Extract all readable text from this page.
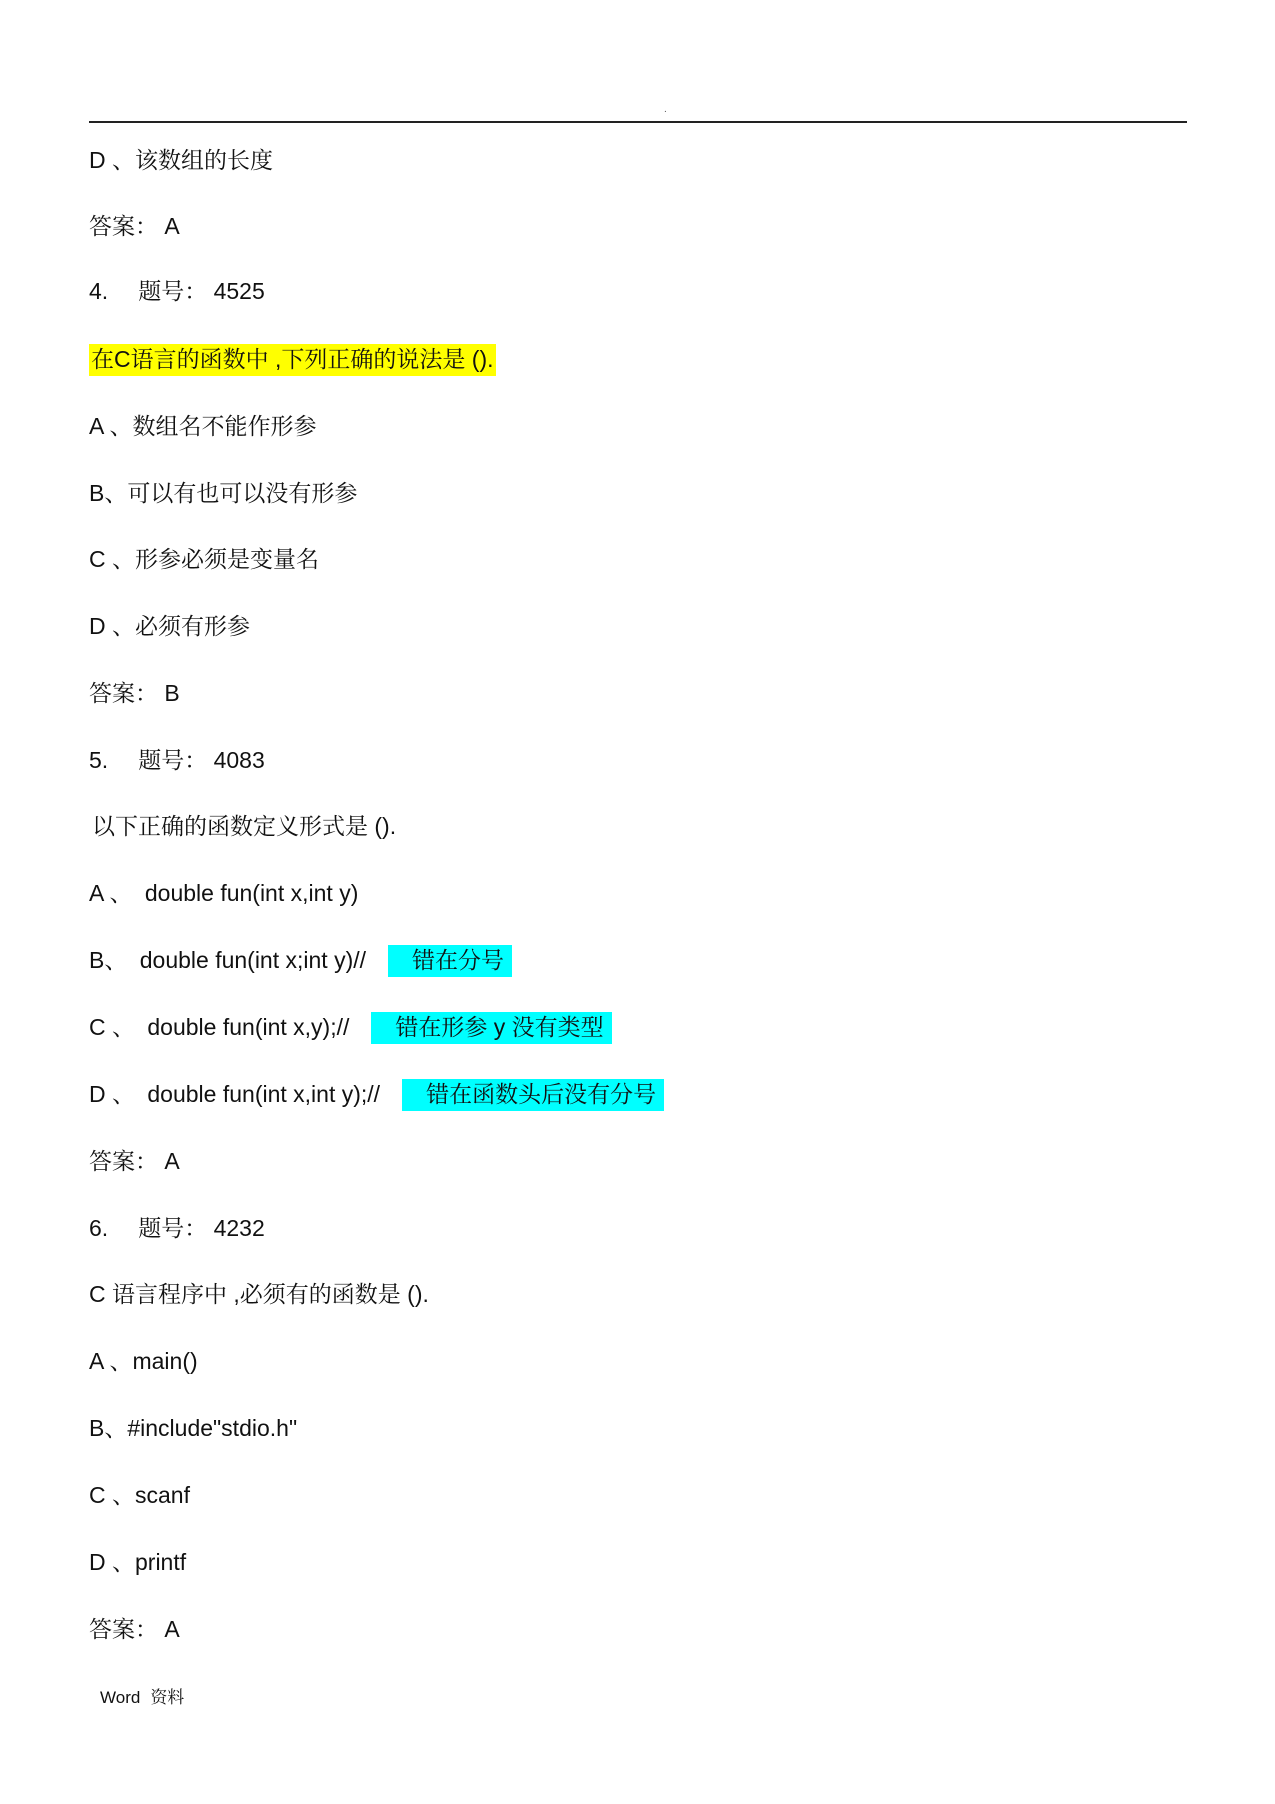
.
D 、该数组的长度
答案： A
4. 题号： 4525
在C语言的函数中 ,下列正确的说法是 ().
A 、数组名不能作形参
B、可以有也可以没有形参
C 、形参必须是变量名
D 、必须有形参
答案： B
5. 题号： 4083
以下正确的函数定义形式是 ().
A 、 double fun(int x,int y)
B、 double fun(int x;int y)// 错在分号
C 、 double fun(int x,y);// 错在形参 y 没有类型
D 、 double fun(int x,int y);// 错在函数头后没有分号
答案： A
6. 题号： 4232
C 语言程序中 ,必须有的函数是 ().
A 、main()
B、#include"stdio.h"
C 、scanf
D 、printf
答案： A
Word 资料
